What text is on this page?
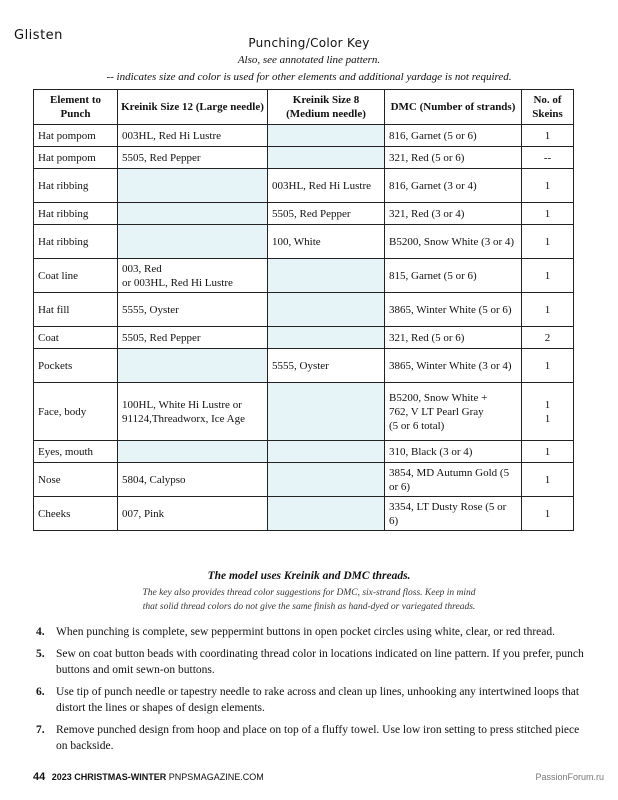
Glisten	Punching/Color Key
Also, see annotated line pattern.
-- indicates size and color is used for other elements and additional yardage is not required.
Element to Punch	Kreinik Size 12 (Large needle)	Kreinik Size 8 (Medium needle)	DMC (Number of strands)	No. of Skeins
Hat pompom	003HL, Red Hi Lustre		816, Garnet (5 or 6)	1
Hat pompom	5505, Red Pepper		321, Red (5 or 6)	--
Hat ribbing		003HL, Red Hi Lustre	816, Garnet (3 or 4)	1
Hat ribbing		5505, Red Pepper	321, Red (3 or 4)	1
Hat ribbing		100, White	B5200, Snow White (3 or 4)	1
Coat line	003, Red
or 003HL, Red Hi Lustre		815, Garnet (5 or 6)	1
Hat fill	5555, Oyster		3865, Winter White (5 or 6)	1
Coat	5505, Red Pepper		321, Red (5 or 6)	2
Pockets		5555, Oyster	3865, Winter White (3 or 4)	1
Face, body	100HL, White Hi Lustre or 91124,Threadworx, Ice Age		B5200, Snow White +
762, V LT Pearl Gray
(5 or 6 total)	1
1
Eyes, mouth			310, Black (3 or 4)	1
Nose	5804, Calypso		3854, MD Autumn Gold (5 or 6)	1
Cheeks	007, Pink		3354, LT Dusty Rose (5 or 6)	1
The model uses Kreinik and DMC threads.
The key also provides thread color suggestions for DMC, six-strand floss. Keep in mind
that solid thread colors do not give the same finish as hand-dyed or variegated threads.
4. When punching is complete, sew peppermint buttons in open pocket circles using white, clear, or red thread.
5. Sew on coat button beads with coordinating thread color in locations indicated on line pattern. If you prefer, punch buttons and omit sewn-on buttons.
6. Use tip of punch needle or tapestry needle to rake across and clean up lines, unhooking any intertwined loops that distort the lines or shapes of design elements.
7. Remove punched design from hoop and place on top of a fluffy towel. Use low iron setting to press stitched piece on backside.
44 2023 CHRISTMAS-WINTER PNPSMAGAZINE.COM	PassionForum.ru
